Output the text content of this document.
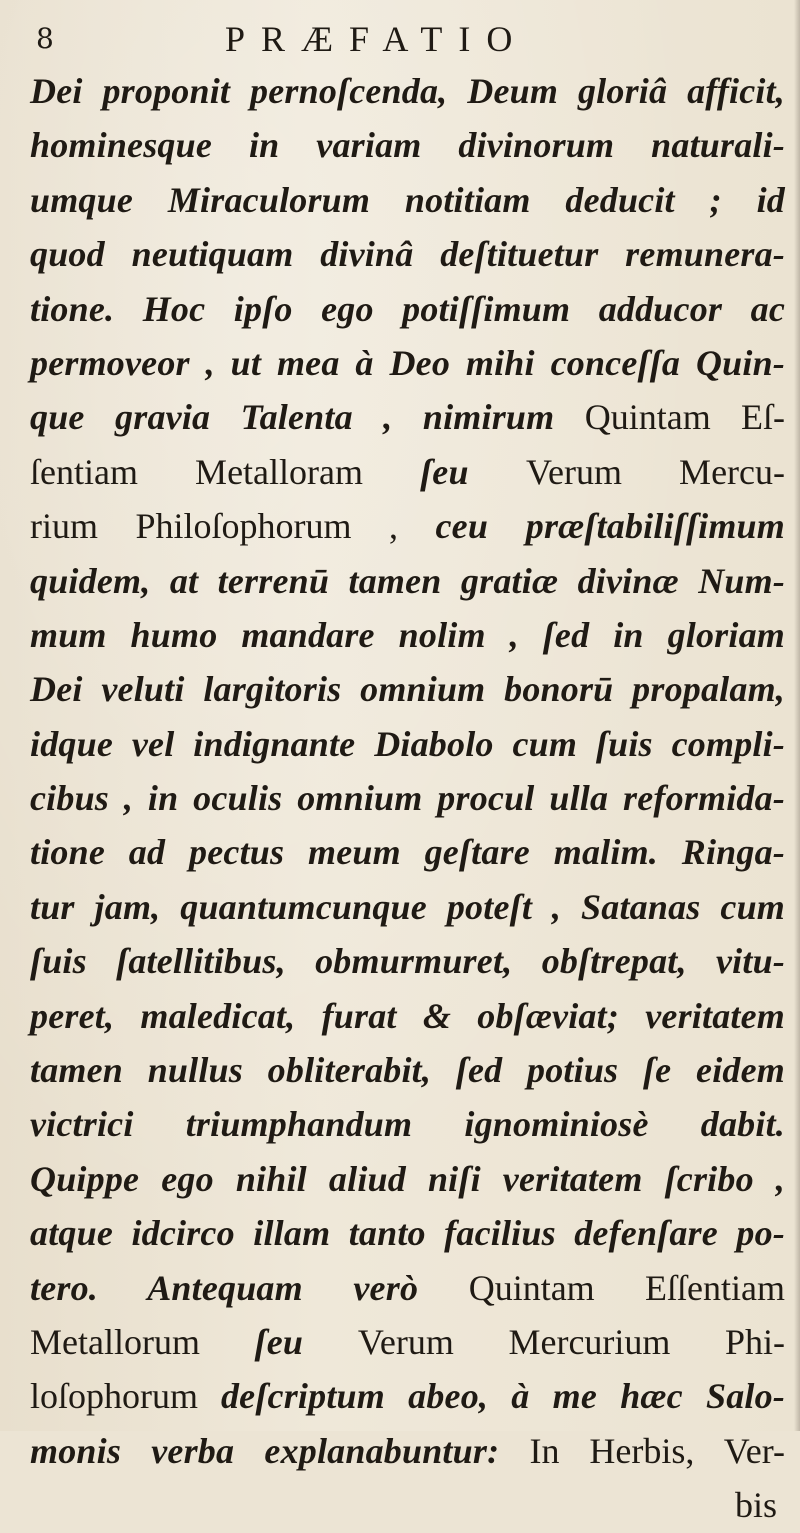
8	PRÆFATIO
Dei proponit pernoſcenda, Deum gloriâ afficit,
hominesque in variam divinorum naturali-
umque Miraculorum notitiam deducit ; id
quod neutiquam divinâ deſtituetur remunera-
tione. Hoc ipſo ego potiſſimum adducor ac
permoveor , ut mea à Deo mihi conceſſa Quin-
que gravia Talenta , nimirum Quintam Eſ-
ſentiam Metalloram ſeu Verum Mercu-
rium Philoſophorum , ceu præſtabiliſſimum
quidem, at terrenū tamen gratiæ divinæ Num-
mum humo mandare nolim , ſed in gloriam
Dei veluti largitoris omnium bonorū propalam,
idque vel indignante Diabolo cum ſuis compli-
cibus , in oculis omnium procul ulla reformida-
tione ad pectus meum geſtare malim. Ringa-
tur jam, quantumcunque poteſt , Satanas cum
ſuis ſatellitibus, obmurmuret, obſtrepat, vitu-
peret, maledicat, furat & obſæviat; veritatem
tamen nullus obliterabit, ſed potius ſe eidem
victrici triumphandum ignominiosè dabit.
Quippe ego nihil aliud niſi veritatem ſcribo ,
atque idcirco illam tanto facilius defenſare po-
tero. Antequam verò Quintam Eſſentiam
Metallorum ſeu Verum Mercurium Phi-
loſophorum deſcriptum abeo, à me hæc Salo-
monis verba explanabuntur: In Herbis, Ver-
bis
